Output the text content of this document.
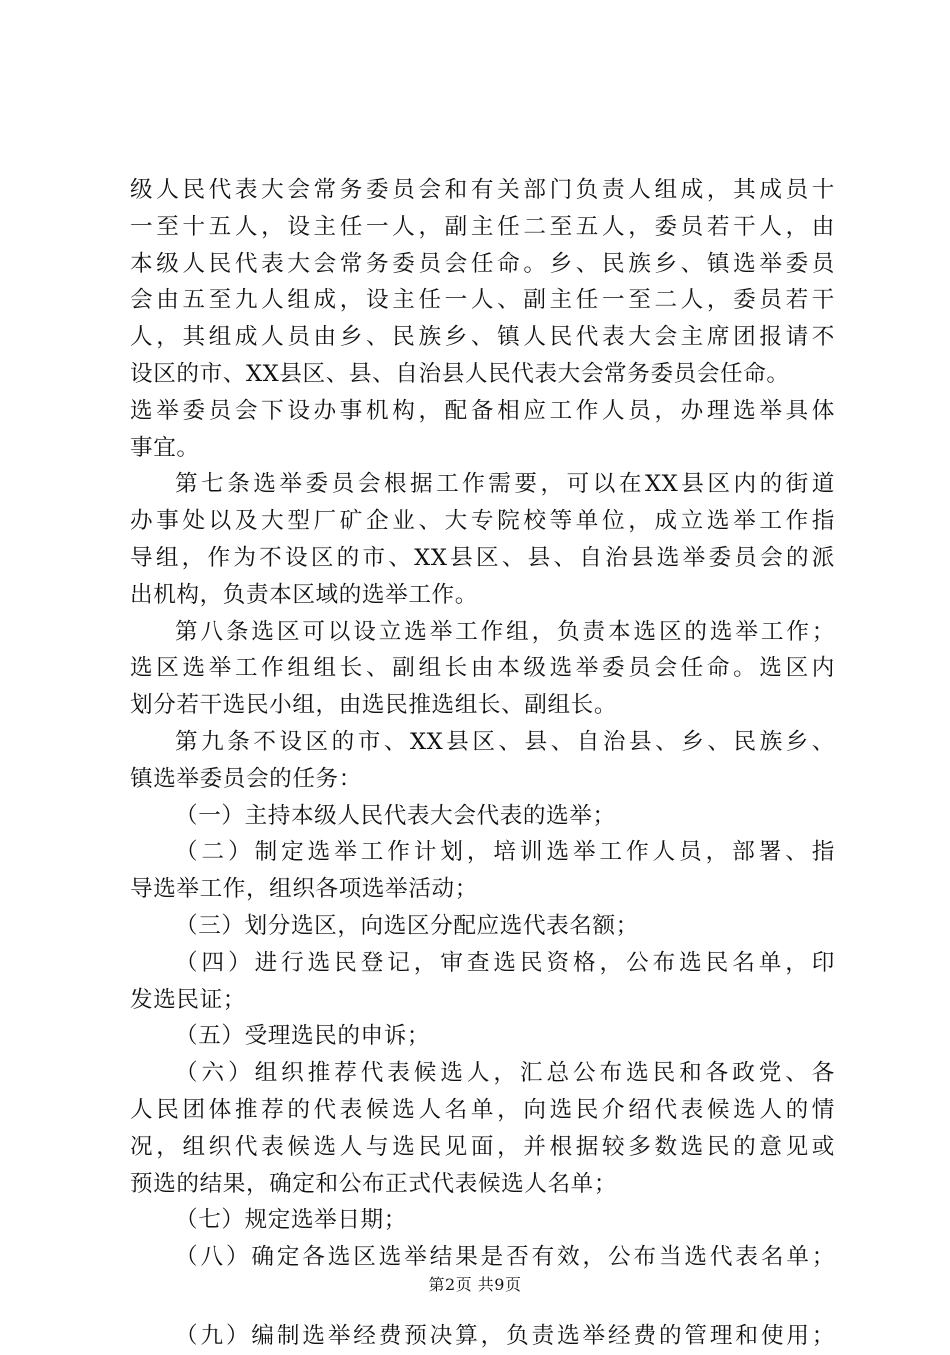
级人民代表大会常务委员会和有关部门负责人组成，其成员十
一至十五人，设主任一人，副主任二至五人，委员若干人，由
本级人民代表大会常务委员会任命。乡、民族乡、镇选举委员
会由五至九人组成，设主任一人、副主任一至二人，委员若干
人，其组成人员由乡、民族乡、镇人民代表大会主席团报请不
设区的市、XX县区、县、自治县人民代表大会常务委员会任命。
选举委员会下设办事机构，配备相应工作人员，办理选举具体
事宜。
第七条选举委员会根据工作需要，可以在XX县区内的街道
办事处以及大型厂矿企业、大专院校等单位，成立选举工作指
导组，作为不设区的市、XX县区、县、自治县选举委员会的派
出机构，负责本区域的选举工作。
第八条选区可以设立选举工作组，负责本选区的选举工作；
选区选举工作组组长、副组长由本级选举委员会任命。选区内
划分若干选民小组，由选民推选组长、副组长。
第九条不设区的市、XX县区、县、自治县、乡、民族乡、
镇选举委员会的任务：
（一）主持本级人民代表大会代表的选举；
（二）制定选举工作计划，培训选举工作人员，部署、指
导选举工作，组织各项选举活动；
（三）划分选区，向选区分配应选代表名额；
（四）进行选民登记，审查选民资格，公布选民名单，印
发选民证；
（五）受理选民的申诉；
（六）组织推荐代表候选人，汇总公布选民和各政党、各
人民团体推荐的代表候选人名单，向选民介绍代表候选人的情
况，组织代表候选人与选民见面，并根据较多数选民的意见或
预选的结果，确定和公布正式代表候选人名单；
（七）规定选举日期；
（八）确定各选区选举结果是否有效，公布当选代表名单；
（九）编制选举经费预决算，负责选举经费的管理和使用；
第2页 共9页
